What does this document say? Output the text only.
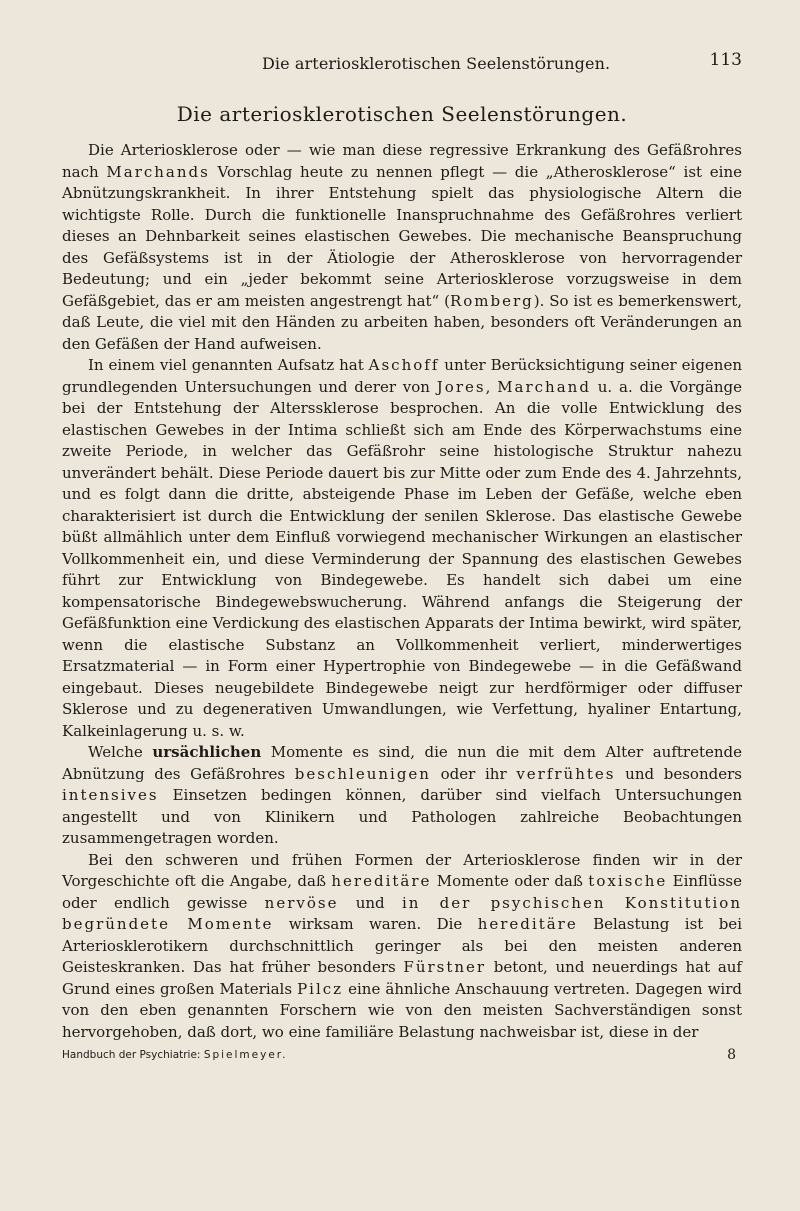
Die arteriosklerotischen Seelenstörungen.	113
Die arteriosklerotischen Seelenstörungen.

Die Arteriosklerose oder — wie man diese regressive Erkrankung des Gefäßrohres nach Marchands Vorschlag heute zu nennen pflegt — die „Atherosklerose“ ist eine Abnützungskrankheit. In ihrer Entstehung spielt das physiologische Altern die wichtigste Rolle. Durch die funktionelle Inanspruchnahme des Gefäßrohres verliert dieses an Dehnbarkeit seines elastischen Gewebes. Die mechanische Beanspruchung des Gefäßsystems ist in der Ätiologie der Atherosklerose von hervorragender Bedeutung; und ein „jeder bekommt seine Arteriosklerose vorzugsweise in dem Gefäßgebiet, das er am meisten angestrengt hat“ (Romberg). So ist es bemerkenswert, daß Leute, die viel mit den Händen zu arbeiten haben, besonders oft Veränderungen an den Gefäßen der Hand aufweisen.

In einem viel genannten Aufsatz hat Aschoff unter Berücksichtigung seiner eigenen grundlegenden Untersuchungen und derer von Jores, Marchand u. a. die Vorgänge bei der Entstehung der Alterssklerose besprochen. An die volle Entwicklung des elastischen Gewebes in der Intima schließt sich am Ende des Körperwachstums eine zweite Periode, in welcher das Gefäßrohr seine histologische Struktur nahezu unverändert behält. Diese Periode dauert bis zur Mitte oder zum Ende des 4. Jahrzehnts, und es folgt dann die dritte, absteigende Phase im Leben der Gefäße, welche eben charakterisiert ist durch die Entwicklung der senilen Sklerose. Das elastische Gewebe büßt allmählich unter dem Einfluß vorwiegend mechanischer Wirkungen an elastischer Vollkommenheit ein, und diese Verminderung der Spannung des elastischen Gewebes führt zur Entwicklung von Bindegewebe. Es handelt sich dabei um eine kompensatorische Bindegewebswucherung. Während anfangs die Steigerung der Gefäßfunktion eine Verdickung des elastischen Apparats der Intima bewirkt, wird später, wenn die elastische Substanz an Vollkommenheit verliert, minderwertiges Ersatzmaterial — in Form einer Hypertrophie von Bindegewebe — in die Gefäßwand eingebaut. Dieses neugebildete Bindegewebe neigt zur herdförmiger oder diffuser Sklerose und zu degenerativen Umwandlungen, wie Verfettung, hyaliner Entartung, Kalkeinlagerung u. s. w.

Welche ursächlichen Momente es sind, die nun die mit dem Alter auftretende Abnützung des Gefäßrohres beschleunigen oder ihr verfrühtes und besonders intensives Einsetzen bedingen können, darüber sind vielfach Untersuchungen angestellt und von Klinikern und Pathologen zahlreiche Beobachtungen zusammengetragen worden.

Bei den schweren und frühen Formen der Arteriosklerose finden wir in der Vorgeschichte oft die Angabe, daß hereditäre Momente oder daß toxische Einflüsse oder endlich gewisse nervöse und in der psychischen Konstitution begründete Momente wirksam waren. Die hereditäre Belastung ist bei Arteriosklerotikern durchschnittlich geringer als bei den meisten anderen Geisteskranken. Das hat früher besonders Fürstner betont, und neuerdings hat auf Grund eines großen Materials Pilcz eine ähnliche Anschauung vertreten. Dagegen wird von den eben genannten Forschern wie von den meisten Sachverständigen sonst hervorgehoben, daß dort, wo eine familiäre Belastung nachweisbar ist, diese in der

Handbuch der Psychiatrie: Spielmeyer.	8
